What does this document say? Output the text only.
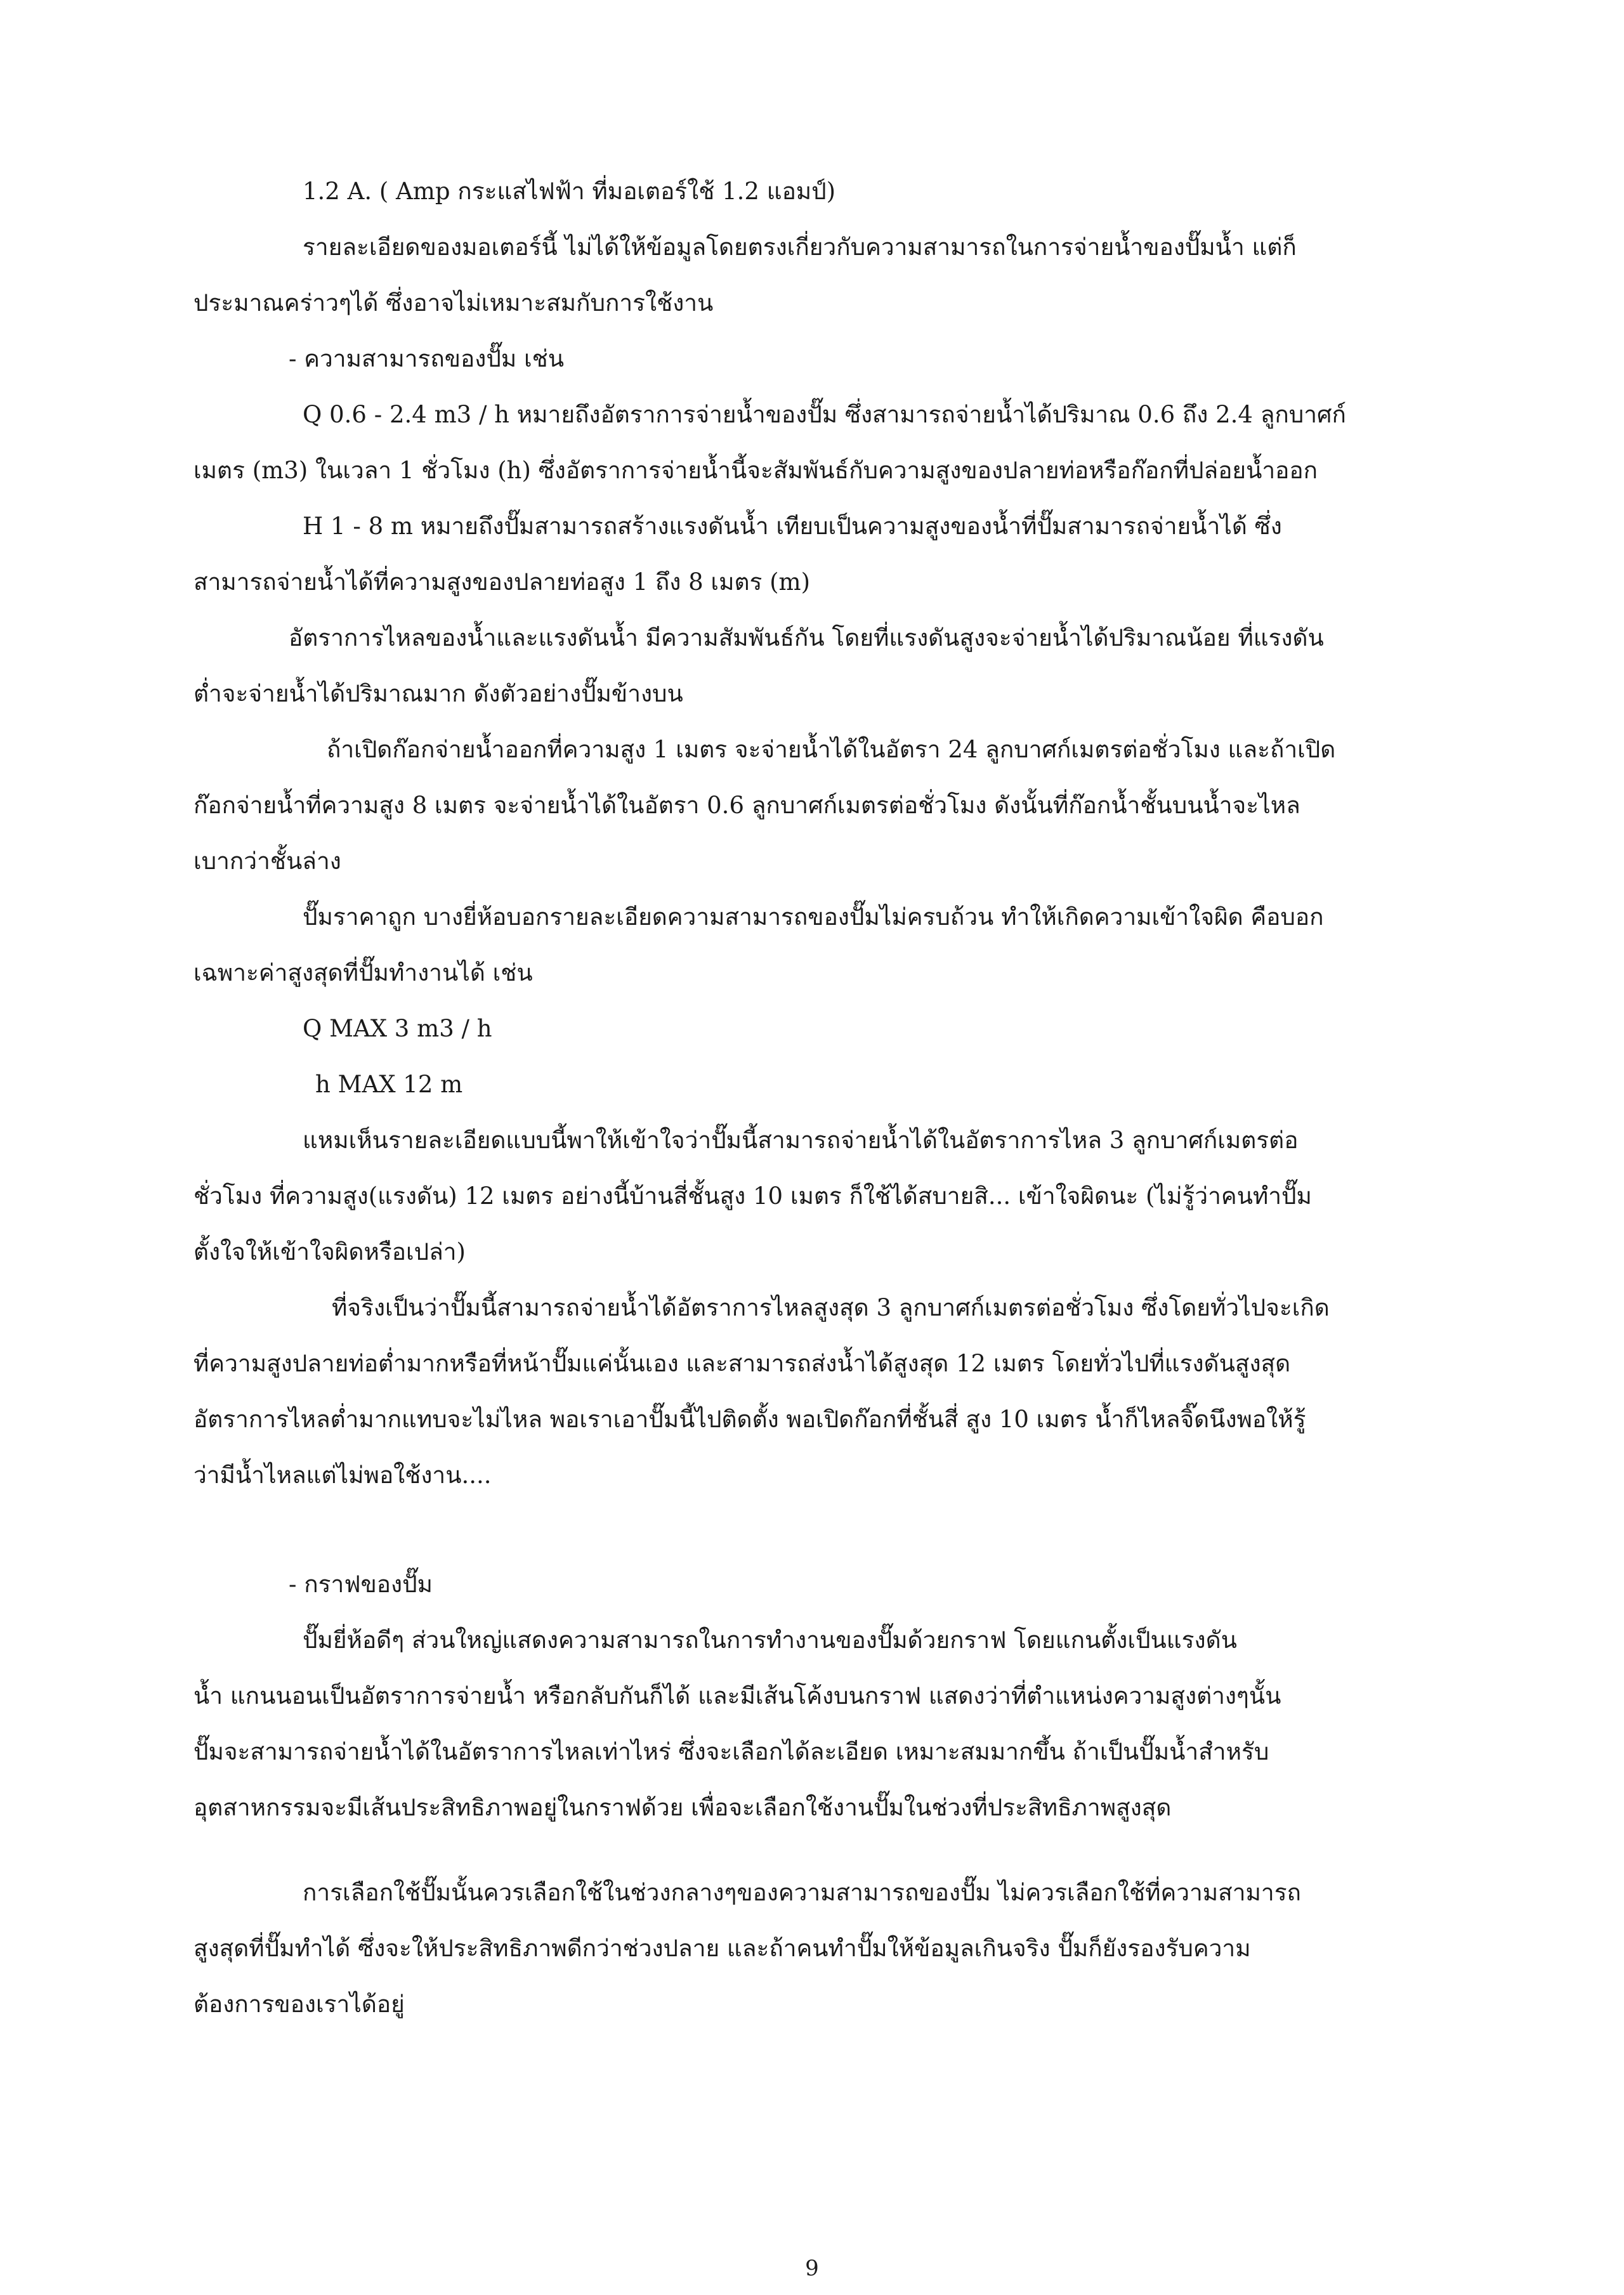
1.2 A. ( Amp กระแสไฟฟ้า ที่มอเตอร์ใช้ 1.2 แอมป์)

รายละเอียดของมอเตอร์นี้ ไม่ได้ให้ข้อมูลโดยตรงเกี่ยวกับความสามารถในการจ่ายน้ำของปั๊มน้ำ แต่ก็

ประมาณคร่าวๆได้ ซึ่งอาจไม่เหมาะสมกับการใช้งาน

- ความสามารถของปั๊ม เช่น

Q 0.6 - 2.4 m3 / h หมายถึงอัตราการจ่ายน้ำของปั๊ม ซึ่งสามารถจ่ายน้ำได้ปริมาณ 0.6 ถึง 2.4 ลูกบาศก์

เมตร (m3) ในเวลา 1 ชั่วโมง (h) ซึ่งอัตราการจ่ายน้ำนี้จะสัมพันธ์กับความสูงของปลายท่อหรือก๊อกที่ปล่อยน้ำออก

H 1 - 8 m หมายถึงปั๊มสามารถสร้างแรงดันน้ำ เทียบเป็นความสูงของน้ำที่ปั๊มสามารถจ่ายน้ำได้ ซึ่ง

สามารถจ่ายน้ำได้ที่ความสูงของปลายท่อสูง 1 ถึง 8 เมตร (m)

อัตราการไหลของน้ำและแรงดันน้ำ มีความสัมพันธ์กัน โดยที่แรงดันสูงจะจ่ายน้ำได้ปริมาณน้อย ที่แรงดัน

ต่ำจะจ่ายน้ำได้ปริมาณมาก ดังตัวอย่างปั๊มข้างบน

ถ้าเปิดก๊อกจ่ายน้ำออกที่ความสูง 1 เมตร จะจ่ายน้ำได้ในอัตรา 24 ลูกบาศก์เมตรต่อชั่วโมง และถ้าเปิด

ก๊อกจ่ายน้ำที่ความสูง 8 เมตร จะจ่ายน้ำได้ในอัตรา 0.6 ลูกบาศก์เมตรต่อชั่วโมง ดังนั้นที่ก๊อกน้ำชั้นบนน้ำจะไหล

เบากว่าชั้นล่าง

ปั๊มราคาถูก บางยี่ห้อบอกรายละเอียดความสามารถของปั๊มไม่ครบถ้วน ทำให้เกิดความเข้าใจผิด คือบอก

เฉพาะค่าสูงสุดที่ปั๊มทำงานได้ เช่น

Q MAX 3 m3 / h

h MAX 12 m

แหมเห็นรายละเอียดแบบนี้พาให้เข้าใจว่าปั๊มนี้สามารถจ่ายน้ำได้ในอัตราการไหล 3 ลูกบาศก์เมตรต่อ

ชั่วโมง ที่ความสูง(แรงดัน) 12 เมตร อย่างนี้บ้านสี่ชั้นสูง 10 เมตร ก็ใช้ได้สบายสิ... เข้าใจผิดนะ (ไม่รู้ว่าคนทำปั๊ม

ตั้งใจให้เข้าใจผิดหรือเปล่า)

ที่จริงเป็นว่าปั๊มนี้สามารถจ่ายน้ำได้อัตราการไหลสูงสุด 3 ลูกบาศก์เมตรต่อชั่วโมง ซึ่งโดยทั่วไปจะเกิด

ที่ความสูงปลายท่อต่ำมากหรือที่หน้าปั๊มแค่นั้นเอง และสามารถส่งน้ำได้สูงสุด 12 เมตร โดยทั่วไปที่แรงดันสูงสุด

อัตราการไหลต่ำมากแทบจะไม่ไหล พอเราเอาปั๊มนี้ไปติดตั้ง พอเปิดก๊อกที่ชั้นสี่ สูง 10 เมตร น้ำก็ไหลจิ๊ดนึงพอให้รู้

ว่ามีน้ำไหลแต่ไม่พอใช้งาน....

- กราฟของปั๊ม

ปั๊มยี่ห้อดีๆ ส่วนใหญ่แสดงความสามารถในการทำงานของปั๊มด้วยกราฟ โดยแกนตั้งเป็นแรงดัน

น้ำ แกนนอนเป็นอัตราการจ่ายน้ำ หรือกลับกันก็ได้ และมีเส้นโค้งบนกราฟ แสดงว่าที่ตำแหน่งความสูงต่างๆนั้น

ปั๊มจะสามารถจ่ายน้ำได้ในอัตราการไหลเท่าไหร่ ซึ่งจะเลือกได้ละเอียด เหมาะสมมากขึ้น ถ้าเป็นปั๊มน้ำสำหรับ

อุตสาหกรรมจะมีเส้นประสิทธิภาพอยู่ในกราฟด้วย เพื่อจะเลือกใช้งานปั๊มในช่วงที่ประสิทธิภาพสูงสุด

การเลือกใช้ปั๊มนั้นควรเลือกใช้ในช่วงกลางๆของความสามารถของปั๊ม ไม่ควรเลือกใช้ที่ความสามารถ

สูงสุดที่ปั๊มทำได้ ซึ่งจะให้ประสิทธิภาพดีกว่าช่วงปลาย และถ้าคนทำปั๊มให้ข้อมูลเกินจริง ปั๊มก็ยังรองรับความ

ต้องการของเราได้อยู่

9
